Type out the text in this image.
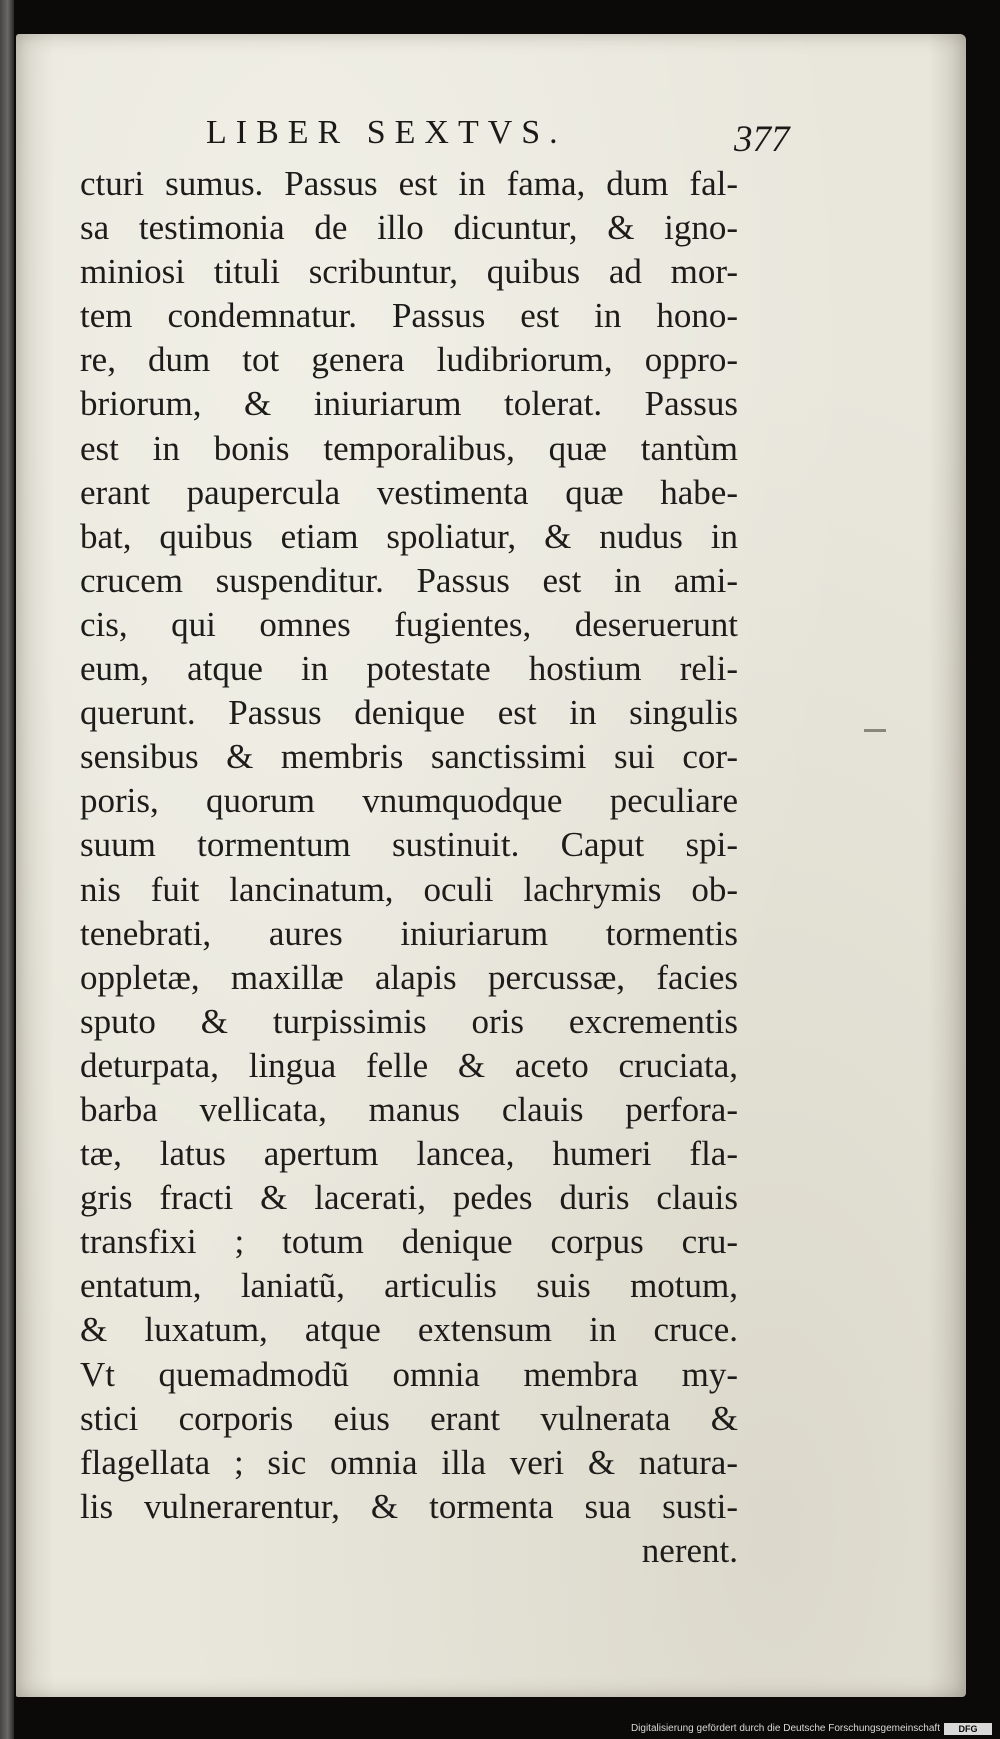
LIBER SEXTVS.	377
cturi sumus. Passus est in fama, dum fal-
sa testimonia de illo dicuntur, & igno-
miniosi tituli scribuntur, quibus ad mor-
tem condemnatur. Passus est in hono-
re, dum tot genera ludibriorum, oppro-
briorum, & iniuriarum tolerat. Passus
est in bonis temporalibus, quæ tantùm
erant paupercula vestimenta quæ habe-
bat, quibus etiam spoliatur, & nudus in
crucem suspenditur. Passus est in ami-
cis, qui omnes fugientes, deseruerunt
eum, atque in potestate hostium reli-
querunt. Passus denique est in singulis
sensibus & membris sanctissimi sui cor-
poris, quorum vnumquodque peculiare
suum tormentum sustinuit. Caput spi-
nis fuit lancinatum, oculi lachrymis ob-
tenebrati, aures iniuriarum tormentis
oppletæ, maxillæ alapis percussæ, facies
sputo & turpissimis oris excrementis
deturpata, lingua felle & aceto cruciata,
barba vellicata, manus clauis perfora-
tæ, latus apertum lancea, humeri fla-
gris fracti & lacerati, pedes duris clauis
transfixi ; totum denique corpus cru-
entatum, laniatũ, articulis suis motum,
& luxatum, atque extensum in cruce.
Vt quemadmodũ omnia membra my-
stici corporis eius erant vulnerata &
flagellata ; sic omnia illa veri & natura-
lis vulnerarentur, & tormenta sua susti-
nerent.
Digitalisierung gefördert durch die Deutsche Forschungsgemeinschaft	DFG
